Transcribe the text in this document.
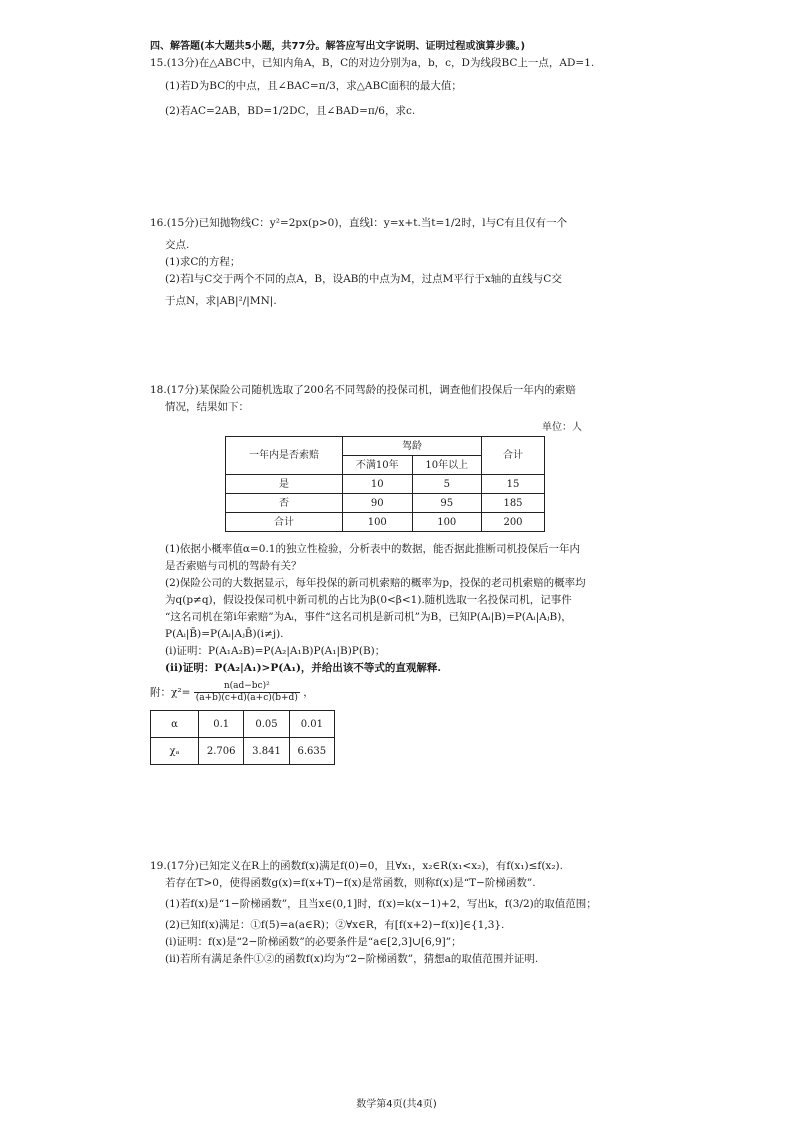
四、解答题(本大题共5小题，共77分。解答应写出文字说明、证明过程或演算步骤。)
15.(13分)在△ABC中，已知内角A，B，C的对边分别为a，b，c，D为线段BC上一点，AD=1.
(1)若D为BC的中点，且∠BAC=π/3，求△ABC面积的最大值；
(2)若AC=2AB，BD=1/2DC，且∠BAD=π/6，求c.
16.(15分)已知抛物线C：y²=2px(p>0)，直线l：y=x+t.当t=1/2时，l与C有且仅有一个
交点.
(1)求C的方程；
(2)若l与C交于两个不同的点A，B，设AB的中点为M，过点M平行于x轴的直线与C交
于点N，求|AB|²/|MN|.
18.(17分)某保险公司随机选取了200名不同驾龄的投保司机，调查他们投保后一年内的索赔
情况，结果如下：
单位：人
一年内是否索赔	驾龄		合计
	不满10年	10年以上	
是	10	5	15
否	90	95	185
合计	100	100	200
(1)依据小概率值α=0.1的独立性检验，分析表中的数据，能否据此推断司机投保后一年内
是否索赔与司机的驾龄有关？
(2)保险公司的大数据显示，每年投保的新司机索赔的概率为p，投保的老司机索赔的概率均
为q(p≠q)，假设投保司机中新司机的占比为β(0<β<1).随机选取一名投保司机，记事件
“这名司机在第i年索赔”为Aᵢ，事件“这名司机是新司机”为B，已知P(Aᵢ|B)=P(Aᵢ|AⱼB)，
P(Aᵢ|B̄)=P(Aᵢ|AⱼB̄)(i≠j).
(ⅰ)证明：P(A₁A₂B)=P(A₂|A₁B)P(A₁|B)P(B)；
(ⅱ)证明：P(A₂|A₁)>P(A₁)，并给出该不等式的直观解释.
附：$\chi^2= \frac{\text{n(ad−bc)²}}{(a+b)(c+d)(a+c)(b+d)}$ ，
α	0.1	0.05	0.01
χₐ	2.706	3.841	6.635
19.(17分)已知定义在R上的函数f(x)满足f(0)=0，且∀x₁，x₂∈R(x₁<x₂)，有f(x₁)≤f(x₂).
若存在T>0，使得函数g(x)=f(x+T)−f(x)是常函数，则称f(x)是“T−阶梯函数”.
(1)若f(x)是“1−阶梯函数”，且当x∈(0,1]时，f(x)=k(x−1)+2，写出k，f(3/2)的取值范围；
(2)已知f(x)满足：①f(5)=a(a∈R)；②∀x∈R，有[f(x+2)−f(x)]∈{1,3}.
(ⅰ)证明：f(x)是“2−阶梯函数”的必要条件是“a∈[2,3]∪[6,9]”；
(ⅱ)若所有满足条件①②的函数f(x)均为“2−阶梯函数”，猜想a的取值范围并证明.
数学第4页(共4页)
